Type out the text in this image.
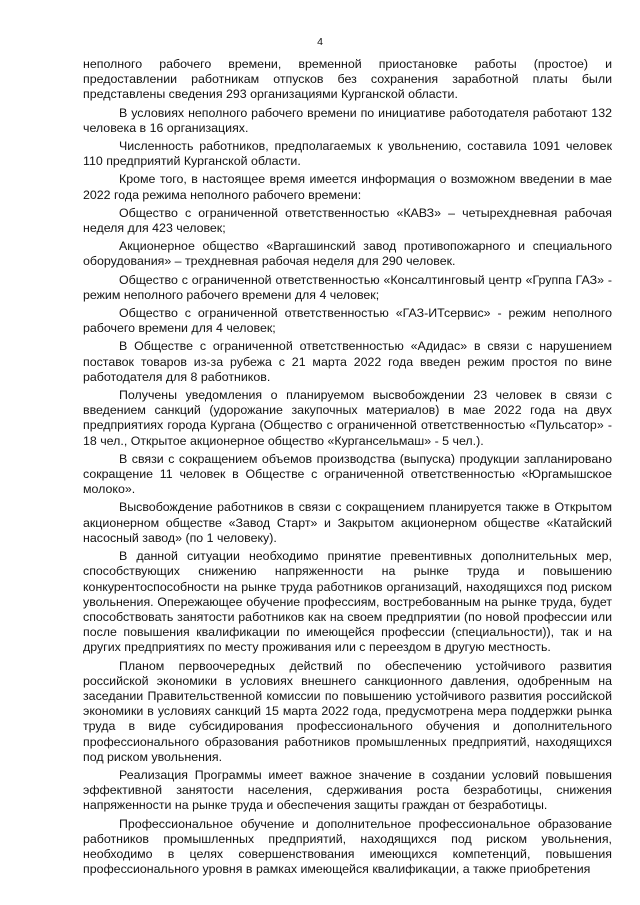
4

неполного рабочего времени, временной приостановке работы (простое) и предоставлении работникам отпусков без сохранения заработной платы были представлены сведения 293 организациями Курганской области.

В условиях неполного рабочего времени по инициативе работодателя работают 132 человека в 16 организациях.

Численность работников, предполагаемых к увольнению, составила 1091 человек 110 предприятий Курганской области.

Кроме того, в настоящее время имеется информация о возможном введении в мае 2022 года режима неполного рабочего времени:

Общество с ограниченной ответственностью «КАВЗ» – четырехдневная рабочая неделя для 423 человек;

Акционерное общество «Варгашинский завод противопожарного и специального оборудования» – трехдневная рабочая неделя для 290 человек.

Общество с ограниченной ответственностью «Консалтинговый центр «Группа ГАЗ» - режим неполного рабочего времени для 4 человек;

Общество с ограниченной ответственностью «ГАЗ-ИТсервис» - режим неполного рабочего времени для 4 человек;

В Обществе с ограниченной ответственностью «Адидас» в связи с нарушением поставок товаров из-за рубежа с 21 марта 2022 года введен режим простоя по вине работодателя для 8 работников.

Получены уведомления о планируемом высвобождении 23 человек в связи с введением санкций (удорожание закупочных материалов) в мае 2022 года на двух предприятиях города Кургана (Общество с ограниченной ответственностью «Пульсатор» - 18 чел., Открытое акционерное общество «Кургансельмаш» - 5 чел.).

В связи с сокращением объемов производства (выпуска) продукции запланировано сокращение 11 человек в Обществе с ограниченной ответственностью «Юргамышское молоко».

Высвобождение работников в связи с сокращением планируется также в Открытом акционерном обществе «Завод Старт» и Закрытом акционерном обществе «Катайский насосный завод» (по 1 человеку).

В данной ситуации необходимо принятие превентивных дополнительных мер, способствующих снижению напряженности на рынке труда и повышению конкурентоспособности на рынке труда работников организаций, находящихся под риском увольнения. Опережающее обучение профессиям, востребованным на рынке труда, будет способствовать занятости работников как на своем предприятии (по новой профессии или после повышения квалификации по имеющейся профессии (специальности)), так и на других предприятиях по месту проживания или с переездом в другую местность.

Планом первоочередных действий по обеспечению устойчивого развития российской экономики в условиях внешнего санкционного давления, одобренным на заседании Правительственной комиссии по повышению устойчивого развития российской экономики в условиях санкций 15 марта 2022 года, предусмотрена мера поддержки рынка труда в виде субсидирования профессионального обучения и дополнительного профессионального образования работников промышленных предприятий, находящихся под риском увольнения.

Реализация Программы имеет важное значение в создании условий повышения эффективной занятости населения, сдерживания роста безработицы, снижения напряженности на рынке труда и обеспечения защиты граждан от безработицы.

Профессиональное обучение и дополнительное профессиональное образование работников промышленных предприятий, находящихся под риском увольнения, необходимо в целях совершенствования имеющихся компетенций, повышения профессионального уровня в рамках имеющейся квалификации, а также приобретения
